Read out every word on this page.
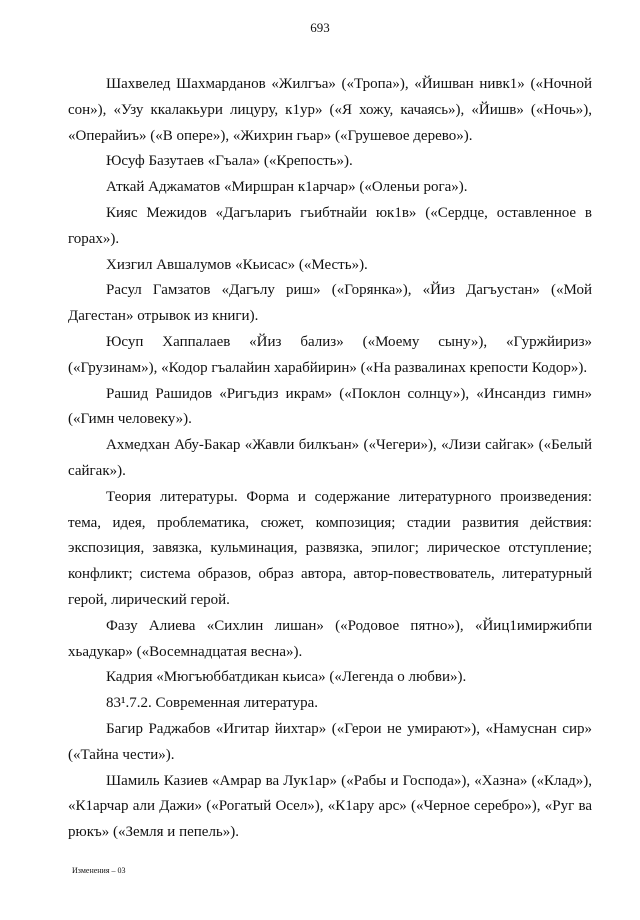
693

Шахвелед Шахмарданов «Жилгъа» («Тропа»), «Йишван нивк1» («Ночной сон»), «Узу ккалакьури лицуру, к1ур» («Я хожу, качаясь»), «Йишв» («Ночь»), «Операйиъ» («В опере»), «Жихрин гьар» («Грушевое дерево»).

Юсуф Базутаев «Гъала» («Крепость»).

Аткай Аджаматов «Миршран к1арчар» («Оленьи рога»).

Кияс Межидов «Дагълариъ гъибтнайи юк1в» («Сердце, оставленное в горах»).

Хизгил Авшалумов «Кьисас» («Месть»).

Расул Гамзатов «Дагълу риш» («Горянка»), «Йиз Дагъустан» («Мой Дагестан» отрывок из книги).

Юсуп Хаппалаев «Йиз бализ» («Моему сыну»), «Гуржйириз» («Грузинам»), «Кодор гъалайин харабйирин» («На развалинах крепости Кодор»).

Рашид Рашидов «Ригъдиз икрам» («Поклон солнцу»), «Инсандиз гимн» («Гимн человеку»).

Ахмедхан Абу-Бакар «Жавли билкъан» («Чегери»), «Лизи сайгак» («Белый сайгак»).

Теория литературы. Форма и содержание литературного произведения: тема, идея, проблематика, сюжет, композиция; стадии развития действия: экспозиция, завязка, кульминация, развязка, эпилог; лирическое отступление; конфликт; система образов, образ автора, автор-повествователь, литературный герой, лирический герой.

Фазу Алиева «Сихлин лишан» («Родовое пятно»), «Йиц1имиржибпи хьадукар» («Восемнадцатая весна»).

Кадрия «Мюгъюббатдикан кьиса» («Легенда о любви»).

83¹.7.2. Современная литература.

Багир Раджабов «Игитар йихтар» («Герои не умирают»), «Намуснан сир» («Тайна чести»).

Шамиль Казиев «Амрар ва Лук1ар» («Рабы и Господа»), «Хазна» («Клад»), «К1арчар али Дажи» («Рогатый Осел»), «К1ару арс» («Черное серебро»), «Руг ва рюкъ» («Земля и пепель»).

Изменения – 03
